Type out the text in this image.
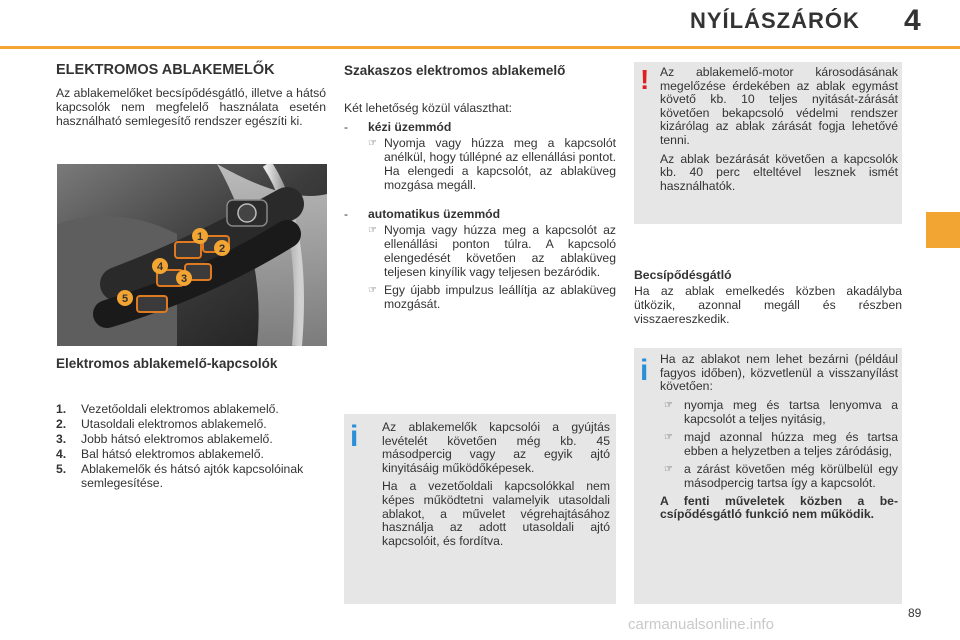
NYÍLÁSZÁRÓK 4
ELEKTROMOS ABLAKEMELŐK
Az ablakemelőket becsípődésgátló, illetve a hátsó kapcsolók nem megfelelő használata esetén használható semlegesítő rendszer egészíti ki.
1
2
4
3
5
Elektromos ablakemelő-kapcsolók
1.	Vezetőoldali elektromos ablakemelő.
2.	Utasoldali elektromos ablakemelő.
3.	Jobb hátsó elektromos ablakemelő.
4.	Bal hátsó elektromos ablakemelő.
5.	Ablakemelők és hátsó ajtók kapcsolóinak semlegesítése.
Szakaszos elektromos ablakemelő

Két lehetőség közül választhat:

-	kézi üzemmód
☞ Nyomja vagy húzza meg a kapcsolót anélkül, hogy túllépné az ellenállási pontot. Ha elengedi a kapcsolót, az ablaküveg mozgása megáll.
-	automatikus üzemmód
☞ Nyomja vagy húzza meg a kapcsolót az ellenállási ponton túlra. A kapcsoló elengedését követően az ablaküveg teljesen kinyílik vagy teljesen bezáródik.
☞ Egy újabb impulzus leállítja az ablaküveg mozgását.
i Az ablakemelők kapcsolói a gyújtás levételét követően még kb. 45 másodpercig vagy az egyik ajtó kinyitásáig működőképesek.

Ha a vezetőoldali kapcsolókkal nem képes működtetni valamelyik utasoldali ablakot, a művelet végrehajtásához használja az adott utasoldali ajtó kapcsolóit, és fordítva.

Az ablakemelő-motor károsodásának megelőzése érdekében az ablak egymást követő kb. 10 teljes nyitását-zárását követően bekapcsoló védelmi rendszer kizárólag az ablak zárását fogja lehetővé tenni.

Az ablak bezárását követően a kapcsolók kb. 40 perc elteltével lesznek ismét használhatók.

!
Becsípődésgátló
Ha az ablak emelkedés közben akadályba ütközik, azonnal megáll és részben visszaereszkedik.
i Ha az ablakot nem lehet bezárni (például fagyos időben), közvetlenül a visszanyílást követően:

☞ nyomja meg és tartsa lenyomva a kapcsolót a teljes nyitásig,
☞ majd azonnal húzza meg és tartsa ebben a helyzetben a teljes záródásig,
☞ a zárást követően még körülbelül egy másodpercig tartsa így a kapcsolót.

A fenti műveletek közben a becsípődésgátló funkció nem működik.

89
carmanualsonline.info
